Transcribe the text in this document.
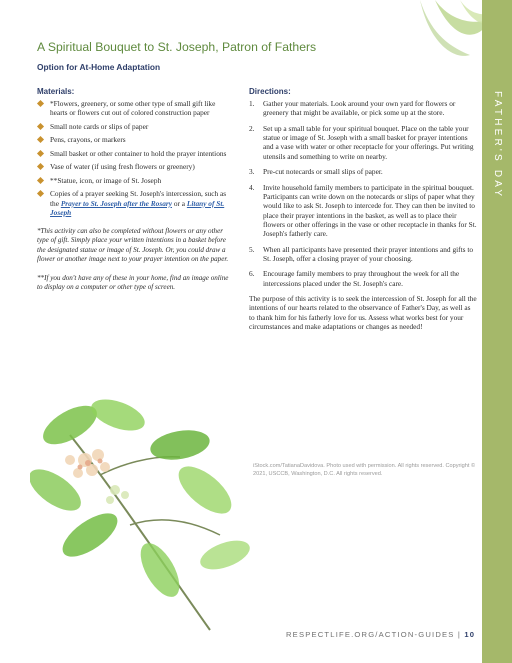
FATHER'S DAY
A Spiritual Bouquet to St. Joseph, Patron of Fathers
Option for At-Home Adaptation
Materials:	Directions:
*Flowers, greenery, or some other type of small gift like hearts or flowers cut out of colored construction paper
Small note cards or slips of paper
Pens, crayons, or markers
Small basket or other container to hold the prayer intentions
Vase of water (if using fresh flowers or greenery)
**Statue, icon, or image of St. Joseph
Copies of a prayer seeking St. Joseph's intercession, such as the Prayer to St. Joseph after the Rosary or a Litany of St. Joseph

*This activity can also be completed without flowers or any other type of gift. Simply place your written intentions in a basket before the designated statue or image of St. Joseph. Or, you could draw a flower or another image next to your prayer intention on the paper.

**If you don't have any of these in your home, find an image online to display on a computer or other type of screen.

1. Gather your materials. Look around your own yard for flowers or greenery that might be available, or pick some up at the store.
2. Set up a small table for your spiritual bouquet. Place on the table your statue or image of St. Joseph with a small basket for prayer intentions and a vase with water or other receptacle for your offerings. Put writing utensils and something to write on nearby.
3. Pre-cut notecards or small slips of paper.
4. Invite household family members to participate in the spiritual bouquet. Participants can write down on the notecards or slips of paper what they would like to ask St. Joseph to intercede for. They can then be invited to place their prayer intentions in the basket, as well as to place their flowers or other offerings in the vase or other receptacle in thanks for St. Joseph's fatherly care.
5. When all participants have presented their prayer intentions and gifts to St. Joseph, offer a closing prayer of your choosing.
6. Encourage family members to pray throughout the week for all the intercessions placed under the St. Joseph's care.

The purpose of this activity is to seek the intercession of St. Joseph for all the intentions of our hearts related to the observance of Father's Day, as well as to thank him for his fatherly love for us. Assess what works best for your circumstances and make adaptations or changes as needed!

iStock.com/TatianaDavidova. Photo used with permission. All rights reserved. Copyright © 2021, USCCB, Washington, D.C. All rights reserved.
RESPECTLIFE.ORG/ACTION-GUIDES | 10
